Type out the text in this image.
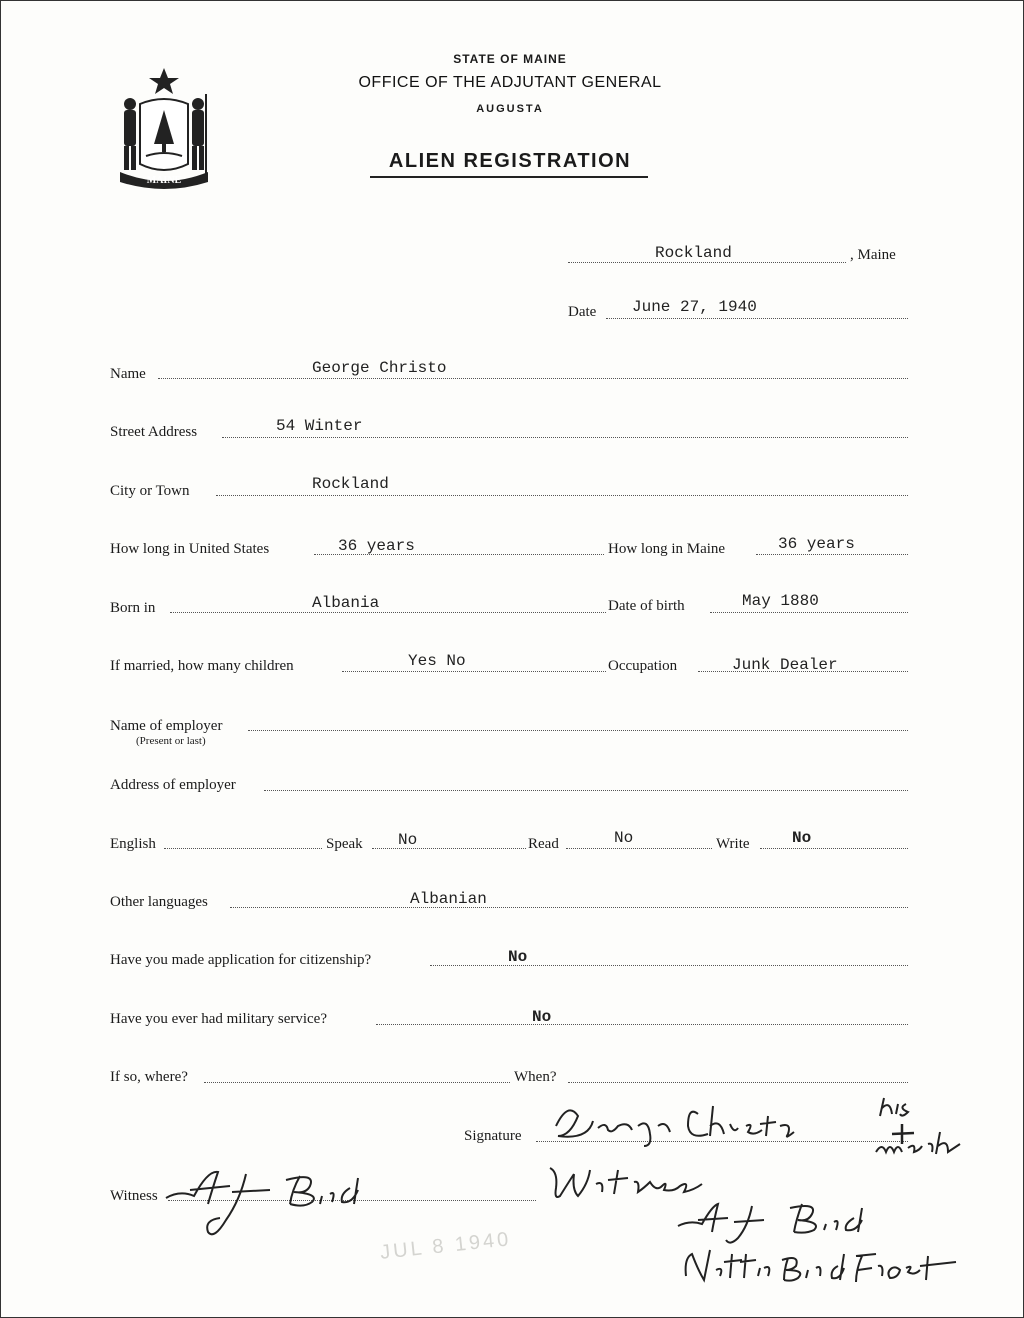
MAINE
STATE OF MAINE
OFFICE OF THE ADJUTANT GENERAL
AUGUSTA
ALIEN REGISTRATION
Rockland	, Maine
Date June 27, 1940
Name	George Christo
Street Address	54 Winter
City or Town	Rockland
How long in United States	36 years	How long in Maine	36 years
Born in	Albania	Date of birth	May 1880
If married, how many children	Yes No	Occupation	Junk Dealer
Name of employer
(Present or last)
Address of employer
English	Speak No	Read	No	Write	No
Other languages	Albanian
Have you made application for citizenship?	No
Have you ever had military service?	No
If so, where?	When?
Signature
Witness
JUL 8 1940
